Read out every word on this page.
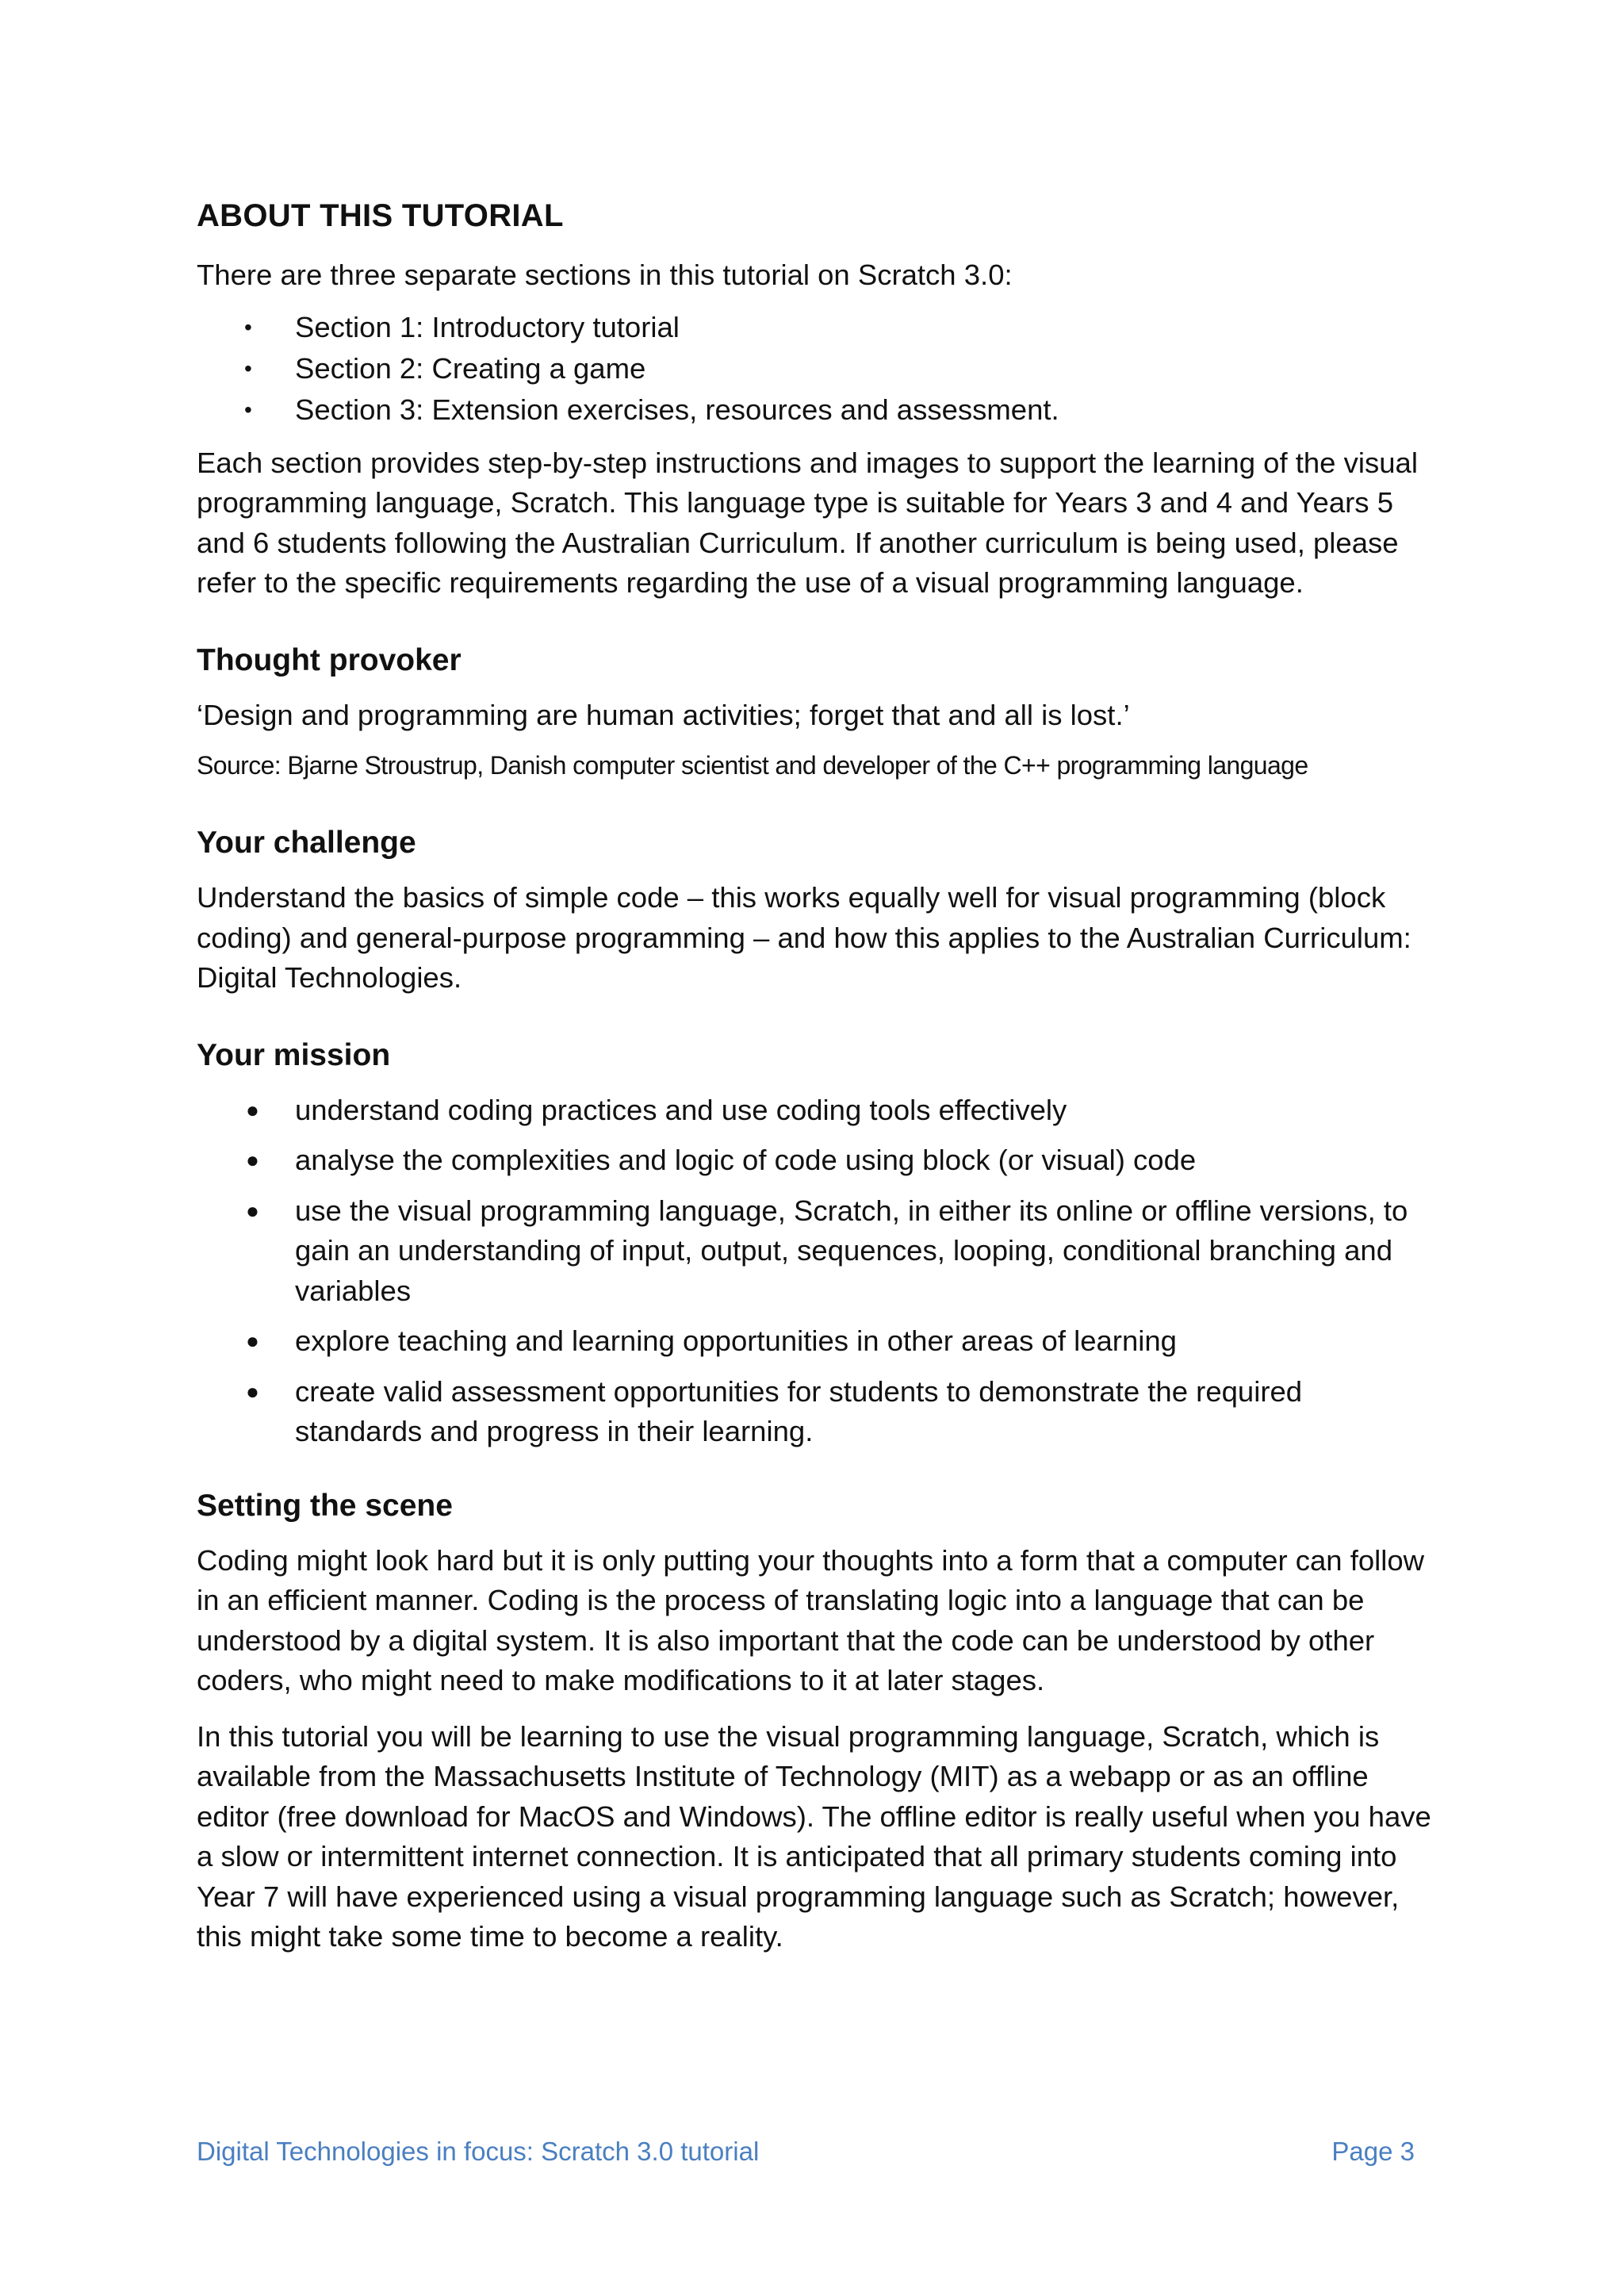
ABOUT THIS TUTORIAL

There are three separate sections in this tutorial on Scratch 3.0:

• Section 1: Introductory tutorial
• Section 2: Creating a game
• Section 3: Extension exercises, resources and assessment.

Each section provides step-by-step instructions and images to support the learning of the visual programming language, Scratch. This language type is suitable for Years 3 and 4 and Years 5 and 6 students following the Australian Curriculum. If another curriculum is being used, please refer to the specific requirements regarding the use of a visual programming language.

Thought provoker

‘Design and programming are human activities; forget that and all is lost.’

Source: Bjarne Stroustrup, Danish computer scientist and developer of the C++ programming language

Your challenge

Understand the basics of simple code – this works equally well for visual programming (block coding) and general-purpose programming – and how this applies to the Australian Curriculum: Digital Technologies.

Your mission
● understand coding practices and use coding tools effectively
● analyse the complexities and logic of code using block (or visual) code
● use the visual programming language, Scratch, in either its online or offline versions, to gain an understanding of input, output, sequences, looping, conditional branching and variables
● explore teaching and learning opportunities in other areas of learning
● create valid assessment opportunities for students to demonstrate the required standards and progress in their learning.
Setting the scene

Coding might look hard but it is only putting your thoughts into a form that a computer can follow in an efficient manner. Coding is the process of translating logic into a language that can be understood by a digital system. It is also important that the code can be understood by other coders, who might need to make modifications to it at later stages.

In this tutorial you will be learning to use the visual programming language, Scratch, which is available from the Massachusetts Institute of Technology (MIT) as a webapp or as an offline editor (free download for MacOS and Windows). The offline editor is really useful when you have a slow or intermittent internet connection. It is anticipated that all primary students coming into Year 7 will have experienced using a visual programming language such as Scratch; however, this might take some time to become a reality.

Digital Technologies in focus: Scratch 3.0 tutorial	Page 3
